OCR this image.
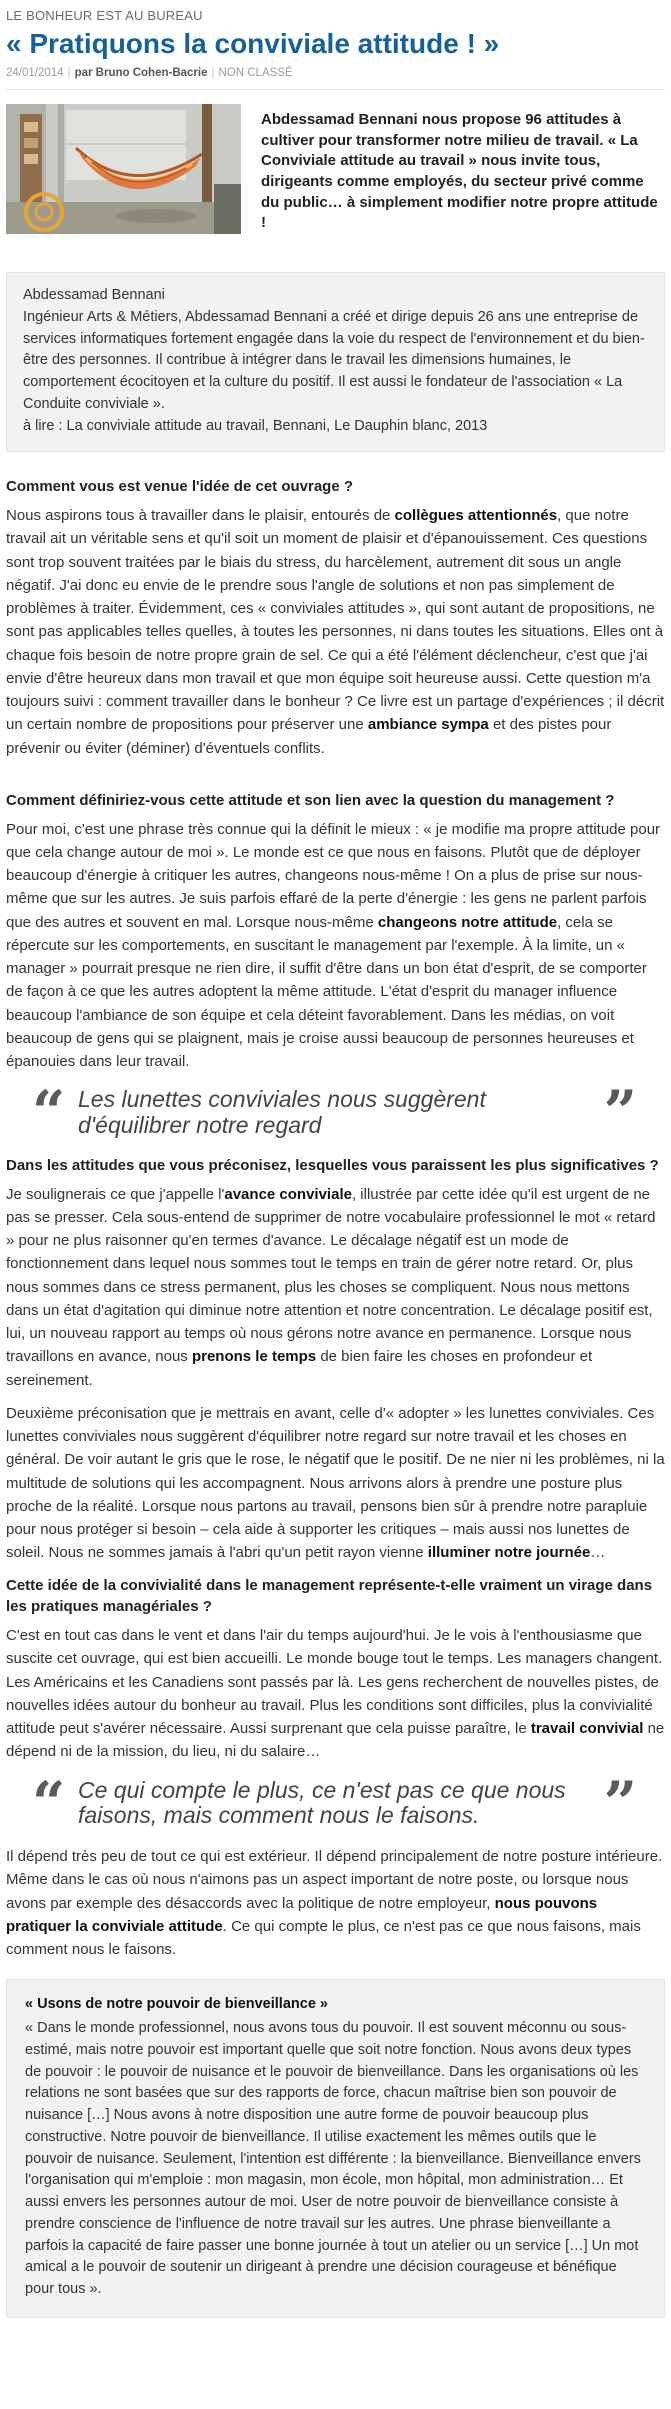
LE BONHEUR EST AU BUREAU
« Pratiquons la conviviale attitude ! »
24/01/2014 | par Bruno Cohen-Bacrie | NON CLASSÉ
Abdessamad Bennani nous propose 96 attitudes à cultiver pour transformer notre milieu de travail. « La Conviviale attitude au travail » nous invite tous, dirigeants comme employés, du secteur privé comme du public… à simplement modifier notre propre attitude !

Abdessamad Bennani

Ingénieur Arts & Métiers, Abdessamad Bennani a créé et dirige depuis 26 ans une entreprise de services informatiques fortement engagée dans la voie du respect de l'environnement et du bien-être des personnes. Il contribue à intégrer dans le travail les dimensions humaines, le comportement écocitoyen et la culture du positif. Il est aussi le fondateur de l'association « La Conduite conviviale ».

à lire : La conviviale attitude au travail, Bennani, Le Dauphin blanc, 2013

Comment vous est venue l'idée de cet ouvrage ?

Nous aspirons tous à travailler dans le plaisir, entourés de collègues attentionnés, que notre travail ait un véritable sens et qu'il soit un moment de plaisir et d'épanouissement. Ces questions sont trop souvent traitées par le biais du stress, du harcèlement, autrement dit sous un angle négatif. J'ai donc eu envie de le prendre sous l'angle de solutions et non pas simplement de problèmes à traiter. Évidemment, ces « conviviales attitudes », qui sont autant de propositions, ne sont pas applicables telles quelles, à toutes les personnes, ni dans toutes les situations. Elles ont à chaque fois besoin de notre propre grain de sel. Ce qui a été l'élément déclencheur, c'est que j'ai envie d'être heureux dans mon travail et que mon équipe soit heureuse aussi. Cette question m'a toujours suivi : comment travailler dans le bonheur ? Ce livre est un partage d'expériences ; il décrit un certain nombre de propositions pour préserver une ambiance sympa et des pistes pour prévenir ou éviter (déminer) d'éventuels conflits.

Comment définiriez-vous cette attitude et son lien avec la question du management ?

Pour moi, c'est une phrase très connue qui la définit le mieux : « je modifie ma propre attitude pour que cela change autour de moi ». Le monde est ce que nous en faisons. Plutôt que de déployer beaucoup d'énergie à critiquer les autres, changeons nous-même ! On a plus de prise sur nous-même que sur les autres. Je suis parfois effaré de la perte d'énergie : les gens ne parlent parfois que des autres et souvent en mal. Lorsque nous-même changeons notre attitude, cela se répercute sur les comportements, en suscitant le management par l'exemple. À la limite, un « manager » pourrait presque ne rien dire, il suffit d'être dans un bon état d'esprit, de se comporter de façon à ce que les autres adoptent la même attitude. L'état d'esprit du manager influence beaucoup l'ambiance de son équipe et cela déteint favorablement. Dans les médias, on voit beaucoup de gens qui se plaignent, mais je croise aussi beaucoup de personnes heureuses et épanouies dans leur travail.

“ Les lunettes conviviales nous suggèrent d'équilibrer notre regard	”
Dans les attitudes que vous préconisez, lesquelles vous paraissent les plus significatives ?

Je soulignerais ce que j'appelle l'avance conviviale, illustrée par cette idée qu'il est urgent de ne pas se presser. Cela sous-entend de supprimer de notre vocabulaire professionnel le mot « retard » pour ne plus raisonner qu'en termes d'avance. Le décalage négatif est un mode de fonctionnement dans lequel nous sommes tout le temps en train de gérer notre retard. Or, plus nous sommes dans ce stress permanent, plus les choses se compliquent. Nous nous mettons dans un état d'agitation qui diminue notre attention et notre concentration. Le décalage positif est, lui, un nouveau rapport au temps où nous gérons notre avance en permanence. Lorsque nous travaillons en avance, nous prenons le temps de bien faire les choses en profondeur et sereinement.

Deuxième préconisation que je mettrais en avant, celle d'« adopter » les lunettes conviviales. Ces lunettes conviviales nous suggèrent d'équilibrer notre regard sur notre travail et les choses en général. De voir autant le gris que le rose, le négatif que le positif. De ne nier ni les problèmes, ni la multitude de solutions qui les accompagnent. Nous arrivons alors à prendre une posture plus proche de la réalité. Lorsque nous partons au travail, pensons bien sûr à prendre notre parapluie pour nous protéger si besoin – cela aide à supporter les critiques – mais aussi nos lunettes de soleil. Nous ne sommes jamais à l'abri qu'un petit rayon vienne illuminer notre journée…

Cette idée de la convivialité dans le management représente-t-elle vraiment un virage dans les pratiques managériales ?

C'est en tout cas dans le vent et dans l'air du temps aujourd'hui. Je le vois à l'enthousiasme que suscite cet ouvrage, qui est bien accueilli. Le monde bouge tout le temps. Les managers changent. Les Américains et les Canadiens sont passés par là. Les gens recherchent de nouvelles pistes, de nouvelles idées autour du bonheur au travail. Plus les conditions sont difficiles, plus la convivialité attitude peut s'avérer nécessaire. Aussi surprenant que cela puisse paraître, le travail convivial ne dépend ni de la mission, du lieu, ni du salaire…

“ Ce qui compte le plus, ce n'est pas ce que nous faisons, mais comment nous le faisons. ”

Il dépend très peu de tout ce qui est extérieur. Il dépend principalement de notre posture intérieure. Même dans le cas où nous n'aimons pas un aspect important de notre poste, ou lorsque nous avons par exemple des désaccords avec la politique de notre employeur, nous pouvons pratiquer la conviviale attitude. Ce qui compte le plus, ce n'est pas ce que nous faisons, mais comment nous le faisons.

« Usons de notre pouvoir de bienveillance »

« Dans le monde professionnel, nous avons tous du pouvoir. Il est souvent méconnu ou sous-estimé, mais notre pouvoir est important quelle que soit notre fonction. Nous avons deux types de pouvoir : le pouvoir de nuisance et le pouvoir de bienveillance. Dans les organisations où les relations ne sont basées que sur des rapports de force, chacun maîtrise bien son pouvoir de nuisance […] Nous avons à notre disposition une autre forme de pouvoir beaucoup plus constructive. Notre pouvoir de bienveillance. Il utilise exactement les mêmes outils que le pouvoir de nuisance. Seulement, l'intention est différente : la bienveillance. Bienveillance envers l'organisation qui m'emploie : mon magasin, mon école, mon hôpital, mon administration… Et aussi envers les personnes autour de moi. User de notre pouvoir de bienveillance consiste à prendre conscience de l'influence de notre travail sur les autres. Une phrase bienveillante a parfois la capacité de faire passer une bonne journée à tout un atelier ou un service […] Un mot amical a le pouvoir de soutenir un dirigeant à prendre une décision courageuse et bénéfique pour tous ».
